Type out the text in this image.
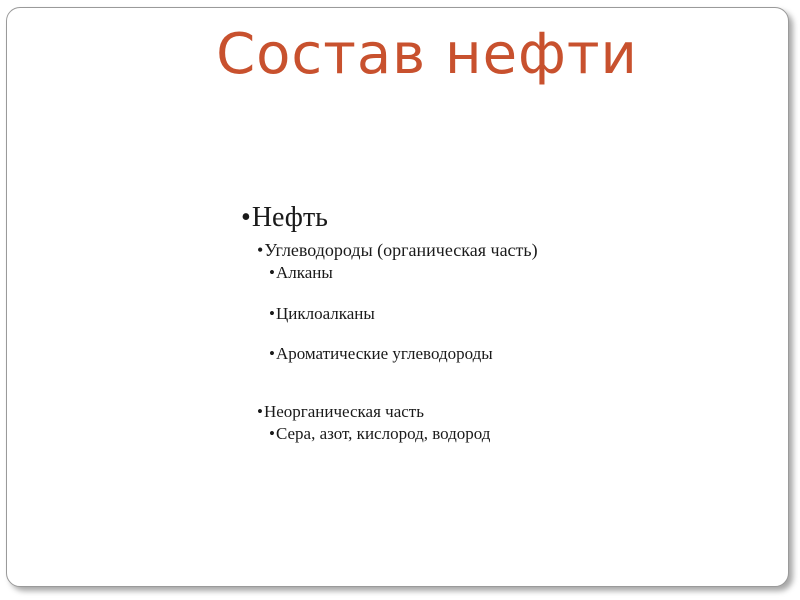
Состав нефти
•Нефть
•Углеводороды (органическая часть)
•Алканы
•Циклоалканы
•Ароматические углеводороды
•Неорганическая часть
•Сера, азот, кислород, водород
